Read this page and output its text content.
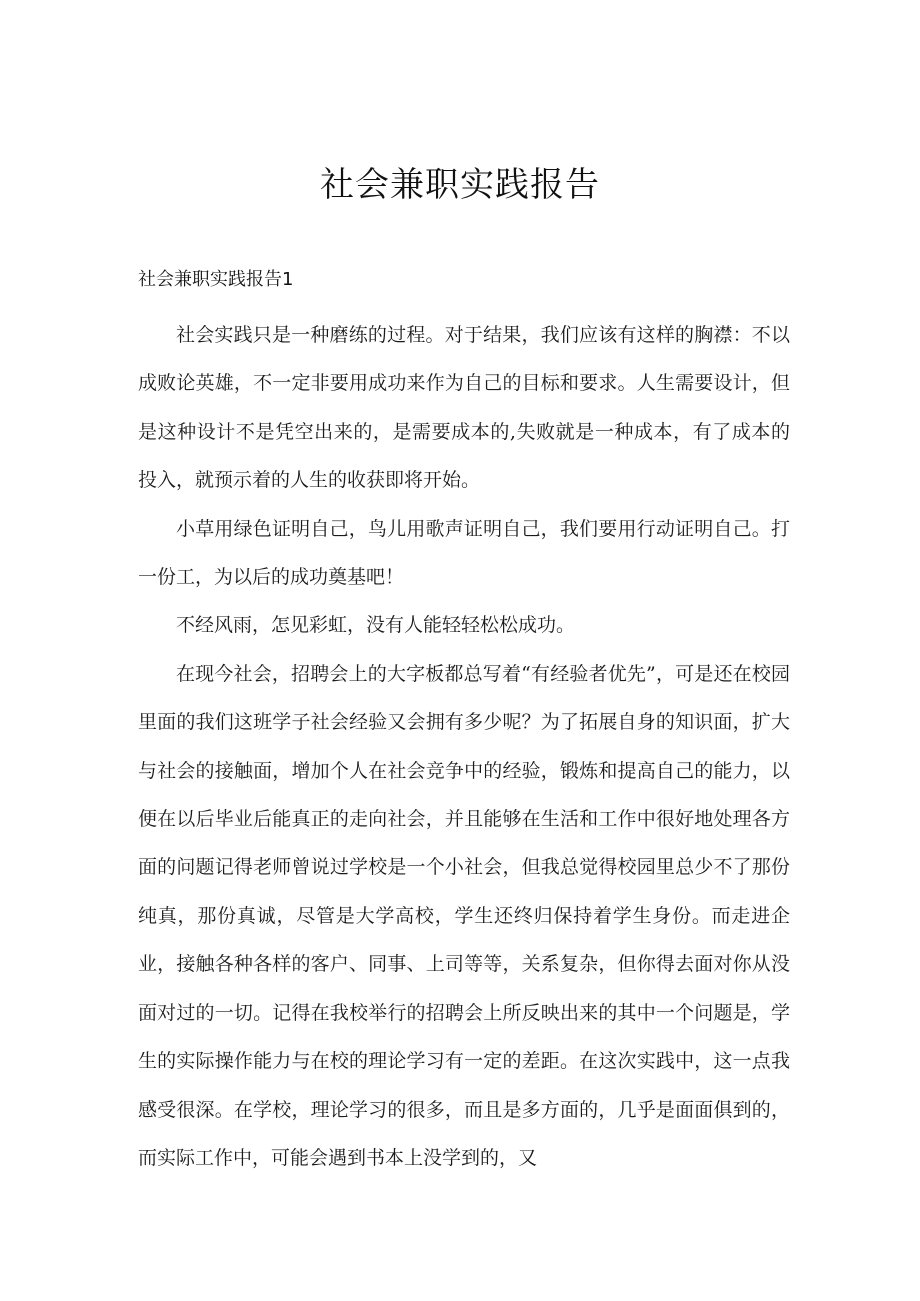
社会兼职实践报告
社会兼职实践报告1

社会实践只是一种磨练的过程。对于结果，我们应该有这样的胸襟：不以成败论英雄，不一定非要用成功来作为自己的目标和要求。人生需要设计，但是这种设计不是凭空出来的，是需要成本的,失败就是一种成本，有了成本的投入，就预示着的人生的收获即将开始。

小草用绿色证明自己，鸟儿用歌声证明自己，我们要用行动证明自己。打一份工，为以后的成功奠基吧！

不经风雨，怎见彩虹，没有人能轻轻松松成功。

在现今社会，招聘会上的大字板都总写着“有经验者优先”，可是还在校园里面的我们这班学子社会经验又会拥有多少呢？为了拓展自身的知识面，扩大与社会的接触面，增加个人在社会竞争中的经验，锻炼和提高自己的能力，以便在以后毕业后能真正的走向社会，并且能够在生活和工作中很好地处理各方面的问题记得老师曾说过学校是一个小社会，但我总觉得校园里总少不了那份纯真，那份真诚，尽管是大学高校，学生还终归保持着学生身份。而走进企业，接触各种各样的客户、同事、上司等等，关系复杂，但你得去面对你从没面对过的一切。记得在我校举行的招聘会上所反映出来的其中一个问题是，学生的实际操作能力与在校的理论学习有一定的差距。在这次实践中，这一点我感受很深。在学校，理论学习的很多，而且是多方面的，几乎是面面俱到的，而实际工作中，可能会遇到书本上没学到的，又
